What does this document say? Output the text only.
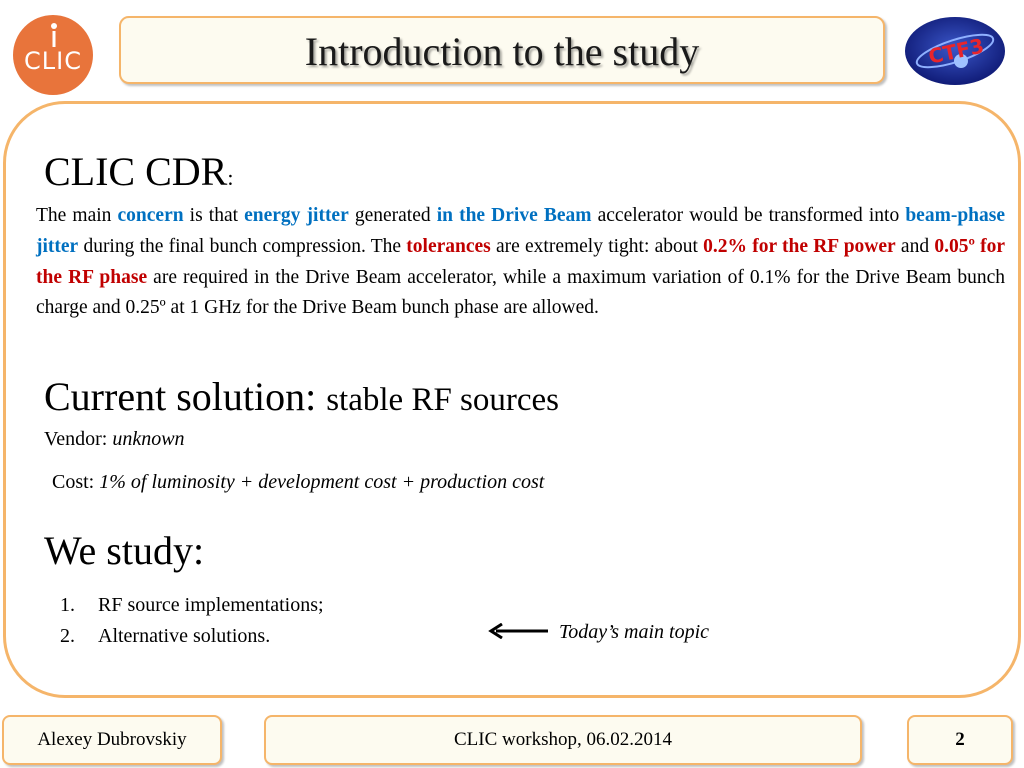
CLIC	Introduction to the study	CTF3
CLIC CDR:
The main concern is that energy jitter generated in the Drive Beam accelerator would be transformed into beam-phase jitter during the final bunch compression. The tolerances are extremely tight: about 0.2% for the RF power and 0.05º for the RF phase are required in the Drive Beam accelerator, while a maximum variation of 0.1% for the Drive Beam bunch charge and 0.25º at 1 GHz for the Drive Beam bunch phase are allowed.
Current solution: stable RF sources
Vendor: unknown
Cost: 1% of luminosity + development cost + production cost
We study:
1. RF source implementations;
2. Alternative solutions.	Today’s main topic
Alexey Dubrovskiy	CLIC workshop, 06.02.2014	2
